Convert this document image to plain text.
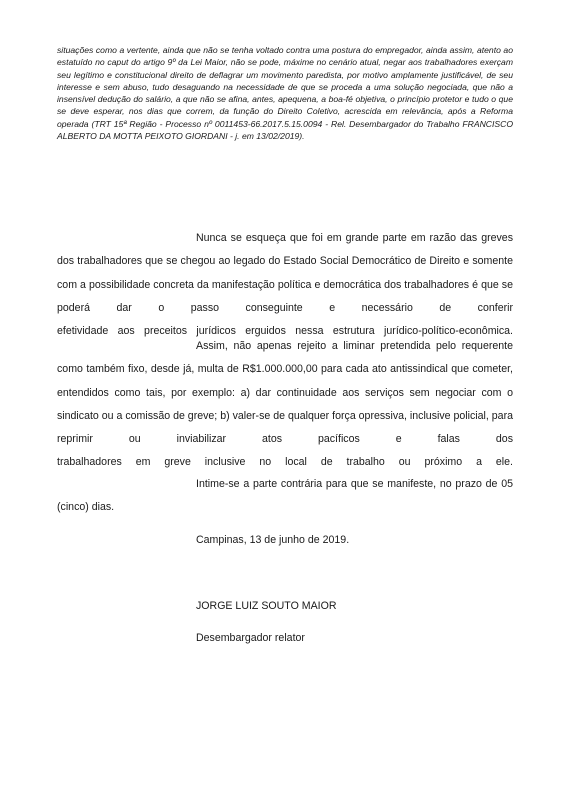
situações como a vertente, ainda que não se tenha voltado contra uma postura do empregador, ainda assim, atento ao estatuído no caput do artigo 9º da Lei Maior, não se pode, máxime no cenário atual, negar aos trabalhadores exerçam seu legítimo e constitucional direito de deflagrar um movimento paredista, por motivo amplamente justificável, de seu interesse e sem abuso, tudo desaguando na necessidade de que se proceda a uma solução negociada, que não a insensível dedução do salário, a que não se afina, antes, apequena, a boa-fé objetiva, o princípio protetor e tudo o que se deve esperar, nos dias que correm, da função do Direito Coletivo, acrescida em relevância, após a Reforma operada (TRT 15ª Região - Processo nº 0011453-66.2017.5.15.0094 - Rel. Desembargador do Trabalho FRANCISCO ALBERTO DA MOTTA PEIXOTO GIORDANI - j. em 13/02/2019).
Nunca se esqueça que foi em grande parte em razão das greves dos trabalhadores que se chegou ao legado do Estado Social Democrático de Direito e somente com a possibilidade concreta da manifestação política e democrática dos trabalhadores é que se poderá dar o passo conseguinte e necessário de conferir
efetividade aos preceitos jurídicos erguidos nessa estrutura jurídico-político-econômica.
Assim, não apenas rejeito a liminar pretendida pelo requerente como também fixo, desde já, multa de R$1.000.000,00 para cada ato antissindical que cometer, entendidos como tais, por exemplo: a) dar continuidade aos serviços sem negociar com o sindicato ou a comissão de greve; b) valer-se de qualquer força opressiva, inclusive policial, para reprimir ou inviabilizar atos pacíficos e falas dos
trabalhadores em greve inclusive no local de trabalho ou próximo a ele.
Intime-se a parte contrária para que se manifeste, no prazo de 05 (cinco) dias.
Campinas, 13 de junho de 2019.
JORGE LUIZ SOUTO MAIOR
Desembargador relator
